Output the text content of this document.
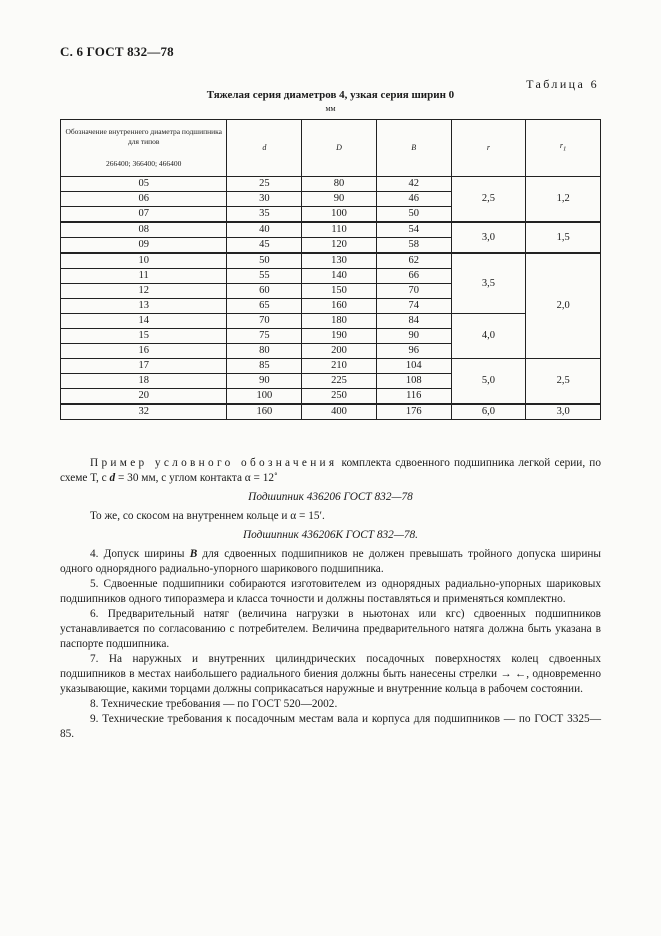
С. 6 ГОСТ 832—78
Таблица 6
Тяжелая серия диаметров 4, узкая серия ширин 0
мм
Обозначение внутреннего диаметра подшипника для типов
266400; 366400; 466400	d	D	B	r	$r_1$
05	25	80	42	2,5	1,2
06	30	90	46		
07	35	100	50		
08	40	110	54	3,0	1,5
09	45	120	58		
10	50	130	62	3,5	2,0
11	55	140	66		
12	60	150	70		
13	65	160	74		
14	70	180	84	4,0	
15	75	190	90		
16	80	200	96		
17	85	210	104	5,0	2,5
18	90	225	108		
20	100	250	116		
32	160	400	176	6,0	3,0

Пример условного обозначения комплекта сдвоенного подшипника легкой серии, по схеме Т, с d = 30 мм, с углом контакта α = 12˚

Подшипник 436206 ГОСТ 832—78

То же, со скосом на внутреннем кольце и α = 15′.

Подшипник 436206К ГОСТ 832—78.

4. Допуск ширины B для сдвоенных подшипников не должен превышать тройного допуска ширины одного однорядного радиально-упорного шарикового подшипника.

5. Сдвоенные подшипники собираются изготовителем из однорядных радиально-упорных шариковых подшипников одного типоразмера и класса точности и должны поставляться и применяться комплектно.

6. Предварительный натяг (величина нагрузки в ньютонах или кгс) сдвоенных подшипников устанавливается по согласованию с потребителем. Величина предварительного натяга должна быть указана в паспорте подшипника.

7. На наружных и внутренних цилиндрических посадочных поверхностях колец сдвоенных подшипников в местах наибольшего радиального биения должны быть нанесены стрелки → ←, одновременно указывающие, какими торцами должны соприкасаться наружные и внутренние кольца в рабочем состоянии.

8. Технические требования — по ГОСТ 520—2002.

9. Технические требования к посадочным местам вала и корпуса для подшипников — по ГОСТ 3325—85.
